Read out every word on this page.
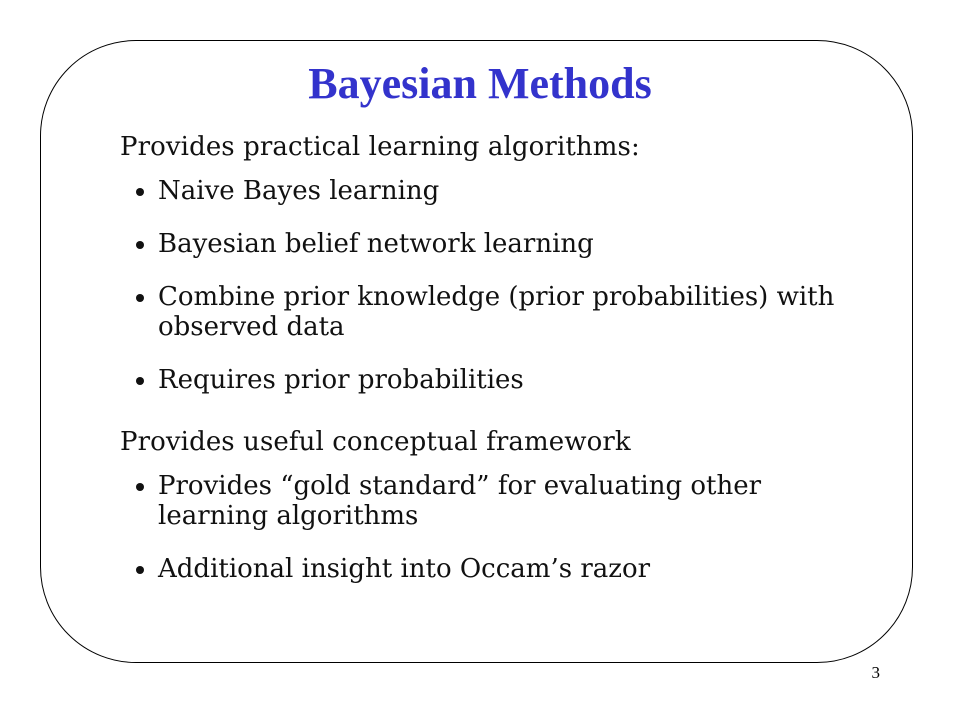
Bayesian Methods

Provides practical learning algorithms:

Naive Bayes learning
Bayesian belief network learning
Combine prior knowledge (prior probabilities) with observed data
Requires prior probabilities

Provides useful conceptual framework

Provides “gold standard” for evaluating other learning algorithms
Additional insight into Occam’s razor
3
